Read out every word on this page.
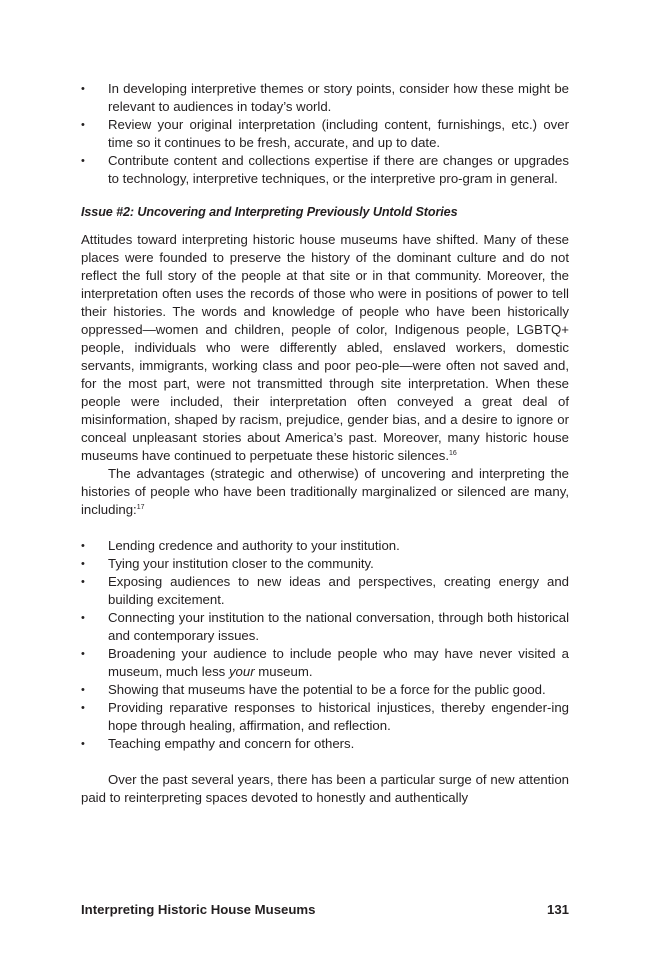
• In developing interpretive themes or story points, consider how these might be relevant to audiences in today’s world.
• Review your original interpretation (including content, furnishings, etc.) over time so it continues to be fresh, accurate, and up to date.
• Contribute content and collections expertise if there are changes or upgrades to technology, interpretive techniques, or the interpretive pro-gram in general.
Issue #2: Uncovering and Interpreting Previously Untold Stories

Attitudes toward interpreting historic house museums have shifted. Many of these places were founded to preserve the history of the dominant culture and do not reflect the full story of the people at that site or in that community. Moreover, the interpretation often uses the records of those who were in positions of power to tell their histories. The words and knowledge of people who have been historically oppressed—women and children, people of color, Indigenous people, LGBTQ+ people, individuals who were differently abled, enslaved workers, domestic servants, immigrants, working class and poor peo-ple—were often not saved and, for the most part, were not transmitted through site interpretation. When these people were included, their interpretation often conveyed a great deal of misinformation, shaped by racism, prejudice, gender bias, and a desire to ignore or conceal unpleasant stories about America’s past. Moreover, many historic house museums have continued to perpetuate these historic silences.$^{16}$

The advantages (strategic and otherwise) of uncovering and interpreting the histories of people who have been traditionally marginalized or silenced are many, including:$^{17}$

• Lending credence and authority to your institution.
• Tying your institution closer to the community.
• Exposing audiences to new ideas and perspectives, creating energy and building excitement.
• Connecting your institution to the national conversation, through both historical and contemporary issues.
• Broadening your audience to include people who may have never visited a museum, much less your museum.
• Showing that museums have the potential to be a force for the public good.
• Providing reparative responses to historical injustices, thereby engender-ing hope through healing, affirmation, and reflection.
• Teaching empathy and concern for others.

Over the past several years, there has been a particular surge of new attention paid to reinterpreting spaces devoted to honestly and authentically

Interpreting Historic House Museums	131
